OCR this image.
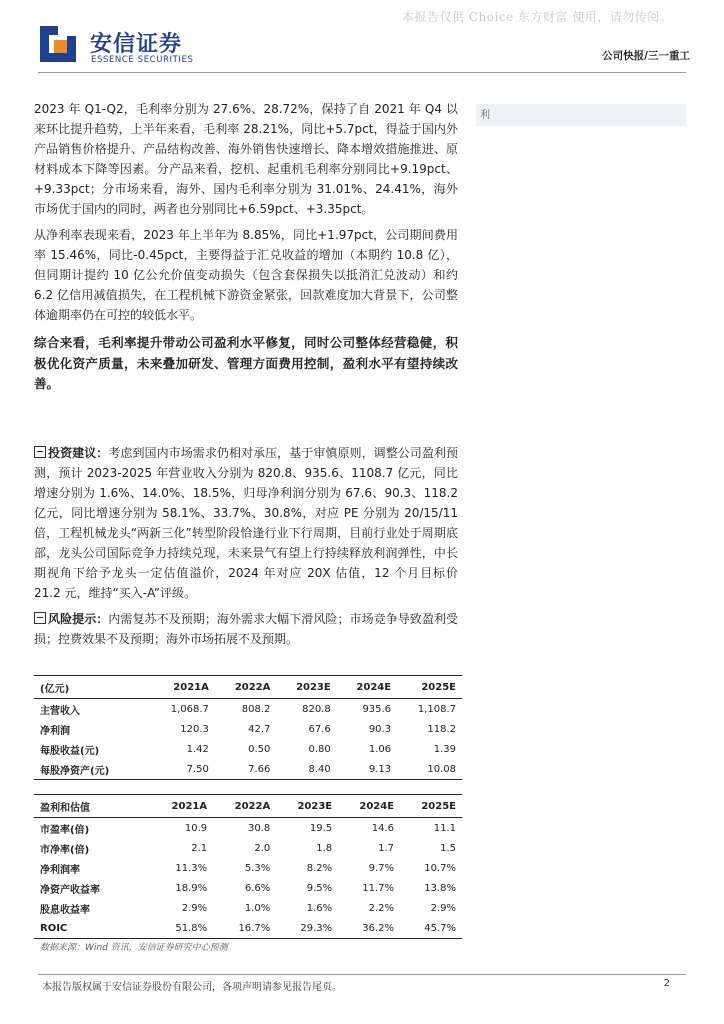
本报告仅供 Choice 东方财富 使用，请勿传阅。
安信证券
ESSENCE SECURITIES	公司快报/三一重工
利

2023 年 Q1-Q2，毛利率分别为 27.6%、28.72%，保持了自 2021 年 Q4 以来环比提升趋势，上半年来看，毛利率 28.21%，同比+5.7pct，得益于国内外产品销售价格提升、产品结构改善、海外销售快速增长、降本增效措施推进、原材料成本下降等因素。分产品来看，挖机、起重机毛利率分别同比+9.19pct、+9.33pct；分市场来看，海外、国内毛利率分别为 31.01%、24.41%，海外市场优于国内的同时，两者也分别同比+6.59pct、+3.35pct。

从净利率表现来看，2023 年上半年为 8.85%，同比+1.97pct，公司期间费用率 15.46%，同比-0.45pct，主要得益于汇兑收益的增加（本期约 10.8 亿），但同期计提约 10 亿公允价值变动损失（包含套保损失以抵消汇兑波动）和约 6.2 亿信用减值损失，在工程机械下游资金紧张，回款难度加大背景下，公司整体逾期率仍在可控的较低水平。

综合来看，毛利率提升带动公司盈利水平修复，同时公司整体经营稳健，积极优化资产质量，未来叠加研发、管理方面费用控制，盈利水平有望持续改善。

投资建议：考虑到国内市场需求仍相对承压，基于审慎原则，调整公司盈利预测，预计 2023-2025 年营业收入分别为 820.8、935.6、1108.7 亿元，同比增速分别为 1.6%、14.0%、18.5%，归母净利润分别为 67.6、90.3、118.2 亿元，同比增速分别为 58.1%、33.7%、30.8%，对应 PE 分别为 20/15/11 倍，工程机械龙头“两新三化”转型阶段恰逢行业下行周期，目前行业处于周期底部，龙头公司国际竞争力持续兑现，未来景气有望上行持续释放利润弹性，中长期视角下给予龙头一定估值溢价，2024 年对应 20X 估值，12 个月目标价 21.2 元，维持“买入-A”评级。

风险提示：内需复苏不及预期；海外需求大幅下滑风险；市场竞争导致盈利受损；控费效果不及预期；海外市场拓展不及预期。

(亿元)	2021A	2022A	2023E	2024E	2025E
主营收入	1,068.7	808.2	820.8	935.6	1,108.7
净利润	120.3	42.7	67.6	90.3	118.2
每股收益(元)	1.42	0.50	0.80	1.06	1.39
每股净资产(元)	7.50	7.66	8.40	9.13	10.08
盈利和估值	2021A	2022A	2023E	2024E	2025E
市盈率(倍)	10.9	30.8	19.5	14.6	11.1
市净率(倍)	2.1	2.0	1.8	1.7	1.5
净利润率	11.3%	5.3%	8.2%	9.7%	10.7%
净资产收益率	18.9%	6.6%	9.5%	11.7%	13.8%
股息收益率	2.9%	1.0%	1.6%	2.2%	2.9%
ROIC	51.8%	16.7%	29.3%	36.2%	45.7%
数据来源：Wind 资讯，安信证券研究中心预测
本报告版权属于安信证券股份有限公司，各项声明请参见报告尾页。	2
